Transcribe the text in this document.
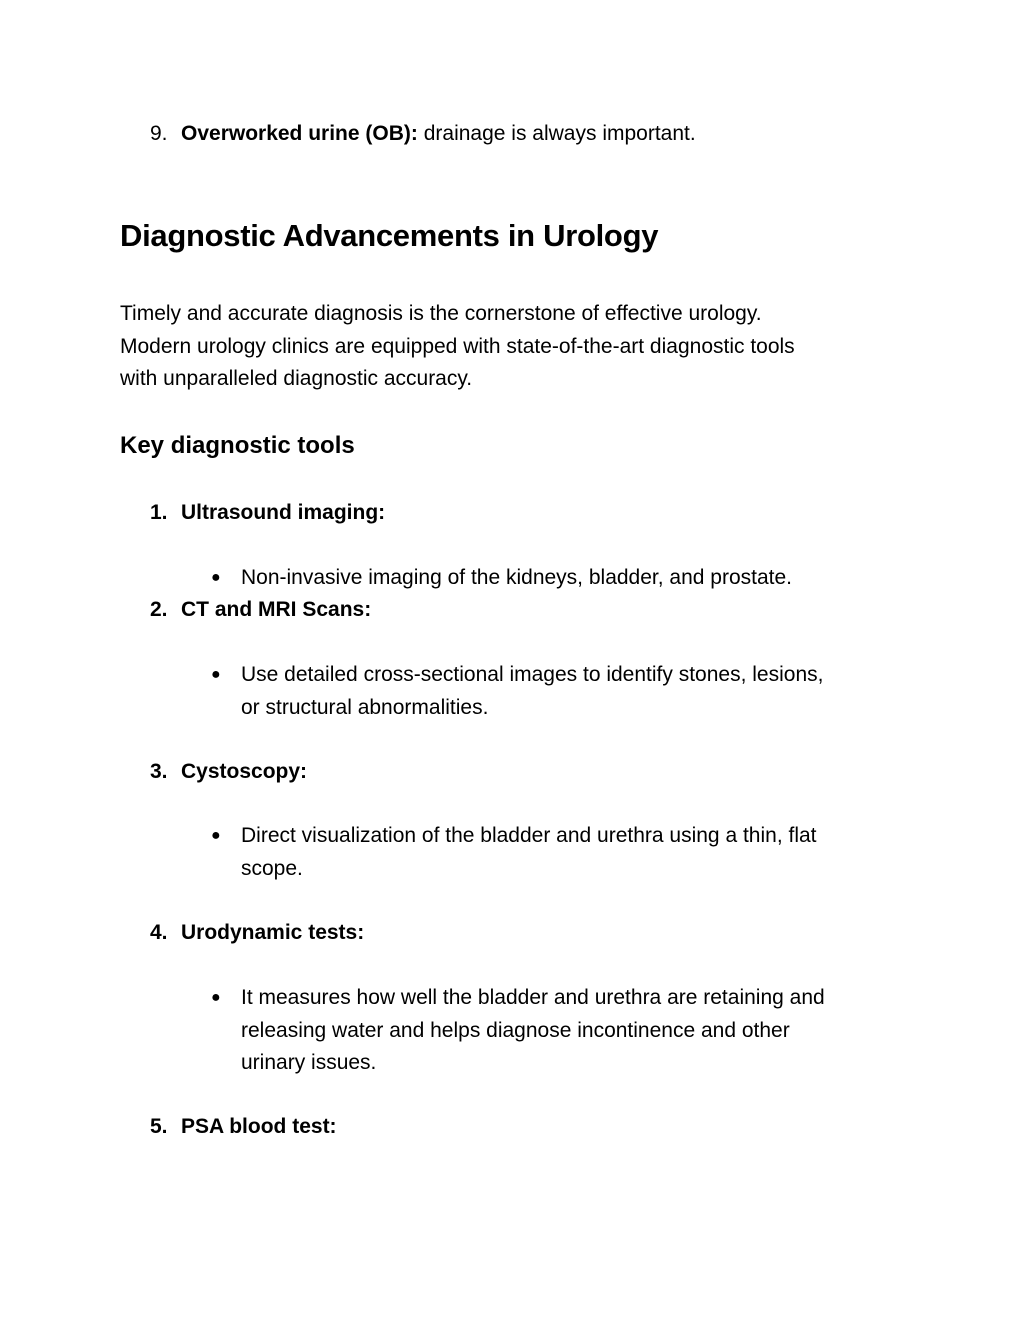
9. Overworked urine (OB): drainage is always important.
Diagnostic Advancements in Urology
Timely and accurate diagnosis is the cornerstone of effective urology.
Modern urology clinics are equipped with state-of-the-art diagnostic tools
with unparalleled diagnostic accuracy.
Key diagnostic tools
1. Ultrasound imaging:
● Non-invasive imaging of the kidneys, bladder, and prostate.
2. CT and MRI Scans:
● Use detailed cross-sectional images to identify stones, lesions,
or structural abnormalities.
3. Cystoscopy:
● Direct visualization of the bladder and urethra using a thin, flat
scope.
4. Urodynamic tests:
● It measures how well the bladder and urethra are retaining and
releasing water and helps diagnose incontinence and other
urinary issues.
5. PSA blood test:
